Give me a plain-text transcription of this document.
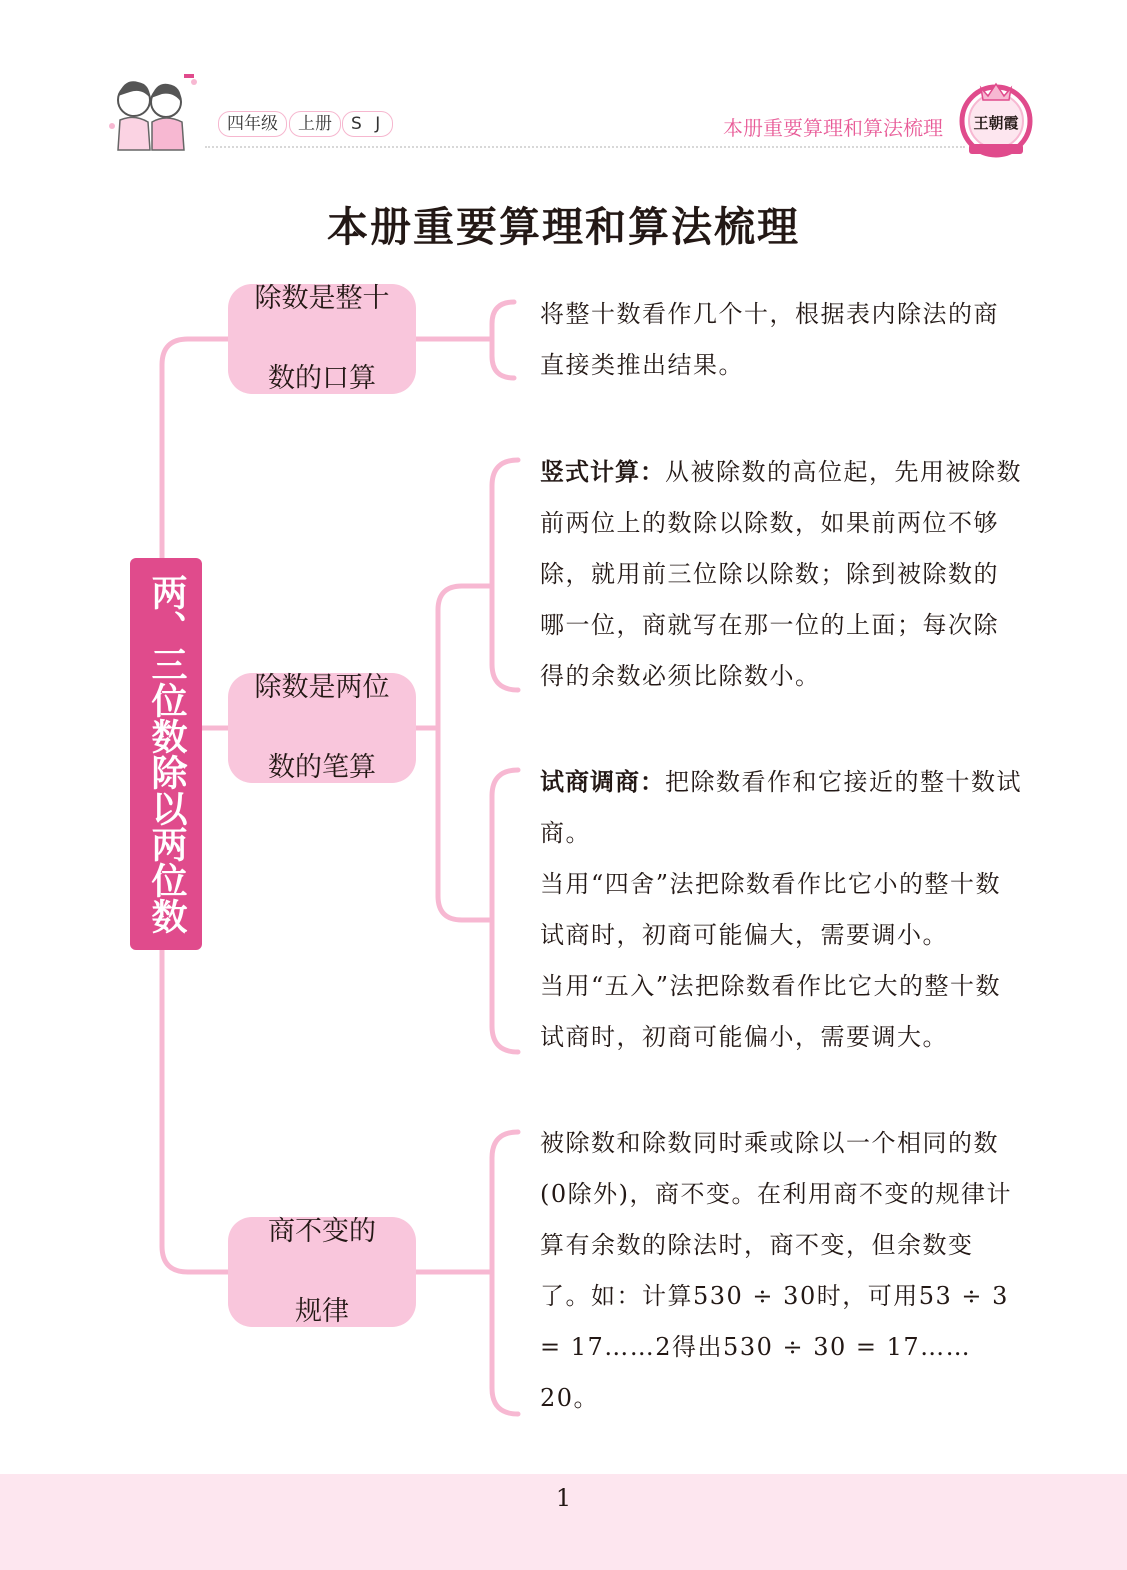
四年级	上册	S J	本册重要算理和算法梳理 王朝霞
本册重要算理和算法梳理
两、三位数除以两位数

除数是整十

数的口算

除数是两位

数的笔算

商不变的

规律

将整十数看作几个十，根据表内除法的商直接类推出结果。

竖式计算：从被除数的高位起，先用被除数前两位上的数除以除数，如果前两位不够除，就用前三位除以除数；除到被除数的哪一位，商就写在那一位的上面；每次除得的余数必须比除数小。

试商调商：把除数看作和它接近的整十数试商。

当用“四舍”法把除数看作比它小的整十数试商时，初商可能偏大，需要调小。

当用“五入”法把除数看作比它大的整十数试商时，初商可能偏小，需要调大。

被除数和除数同时乘或除以一个相同的数(0除外)，商不变。在利用商不变的规律计算有余数的除法时，商不变，但余数变了。如：计算530 ÷ 30时，可用53 ÷ 3 = 17……2得出530 ÷ 30 = 17……20。

1
